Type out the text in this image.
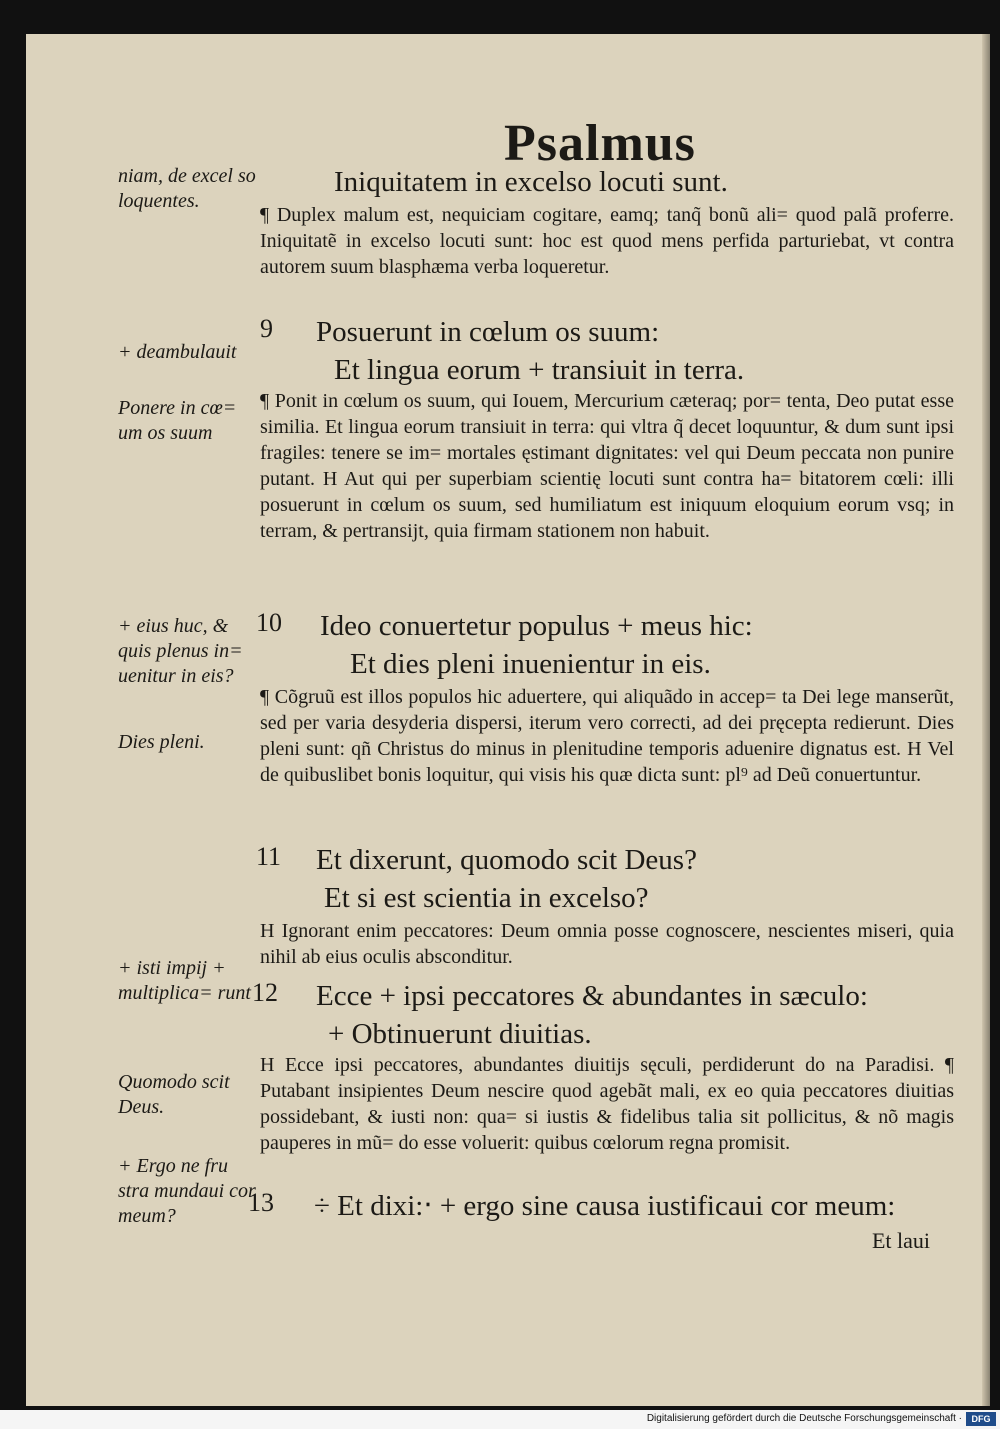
Psalmus
niam, de excel so loquentes.
+ deambulauit
Ponere in cœ= um os suum
+ eius huc, & quis plenus in= uenitur in eis?
Dies pleni.
+ isti impij + multiplica= runt
Quomodo scit Deus.
+ Ergo ne fru stra mundaui cor meum?
Iniquitatem in excelso locuti sunt.
¶ Duplex malum est, nequiciam cogitare, eamq; tanq̃ bonũ ali= quod palã proferre. Iniquitatẽ in excelso locuti sunt: hoc est quod mens perfida parturiebat, vt contra autorem suum blasphæma verba loqueretur.
9 Posuerunt in cœlum os suum:
Et lingua eorum + transiuit in terra.
¶ Ponit in cœlum os suum, qui Iouem, Mercurium cæteraq; por= tenta, Deo putat esse similia. Et lingua eorum transiuit in terra: qui vltra q̃ decet loquuntur, & dum sunt ipsi fragiles: tenere se im= mortales ęstimant dignitates: vel qui Deum peccata non punire putant. H Aut qui per superbiam scientię locuti sunt contra ha= bitatorem cœli: illi posuerunt in cœlum os suum, sed humiliatum est iniquum eloquium eorum vsq; in terram, & pertransijt, quia firmam stationem non habuit.
10 Ideo conuertetur populus + meus hic:
Et dies pleni inuenientur in eis.
¶ Cõgruũ est illos populos hic aduertere, qui aliquãdo in accep= ta Dei lege manserũt, sed per varia desyderia dispersi, iterum vero correcti, ad dei pręcepta redierunt. Dies pleni sunt: qñ Christus do minus in plenitudine temporis aduenire dignatus est. H Vel de quibuslibet bonis loquitur, qui visis his quæ dicta sunt: pl⁹ ad Deũ conuertuntur.
11 Et dixerunt, quomodo scit Deus?
Et si est scientia in excelso?
H Ignorant enim peccatores: Deum omnia posse cognoscere, nescientes miseri, quia nihil ab eius oculis absconditur.
12 Ecce + ipsi peccatores & abundantes in sæculo:
+ Obtinuerunt diuitias.
H Ecce ipsi peccatores, abundantes diuitijs sęculi, perdiderunt do na Paradisi. ¶ Putabant insipientes Deum nescire quod agebãt mali, ex eo quia peccatores diuitias possidebant, & iusti non: qua= si iustis & fidelibus talia sit pollicitus, & nõ magis pauperes in mũ= do esse voluerit: quibus cœlorum regna promisit.
13 ÷ Et dixi:‧ + ergo sine causa iustificaui cor meum:
Et laui
Digitalisierung gefördert durch die Deutsche Forschungsgemeinschaft ·	DFG
